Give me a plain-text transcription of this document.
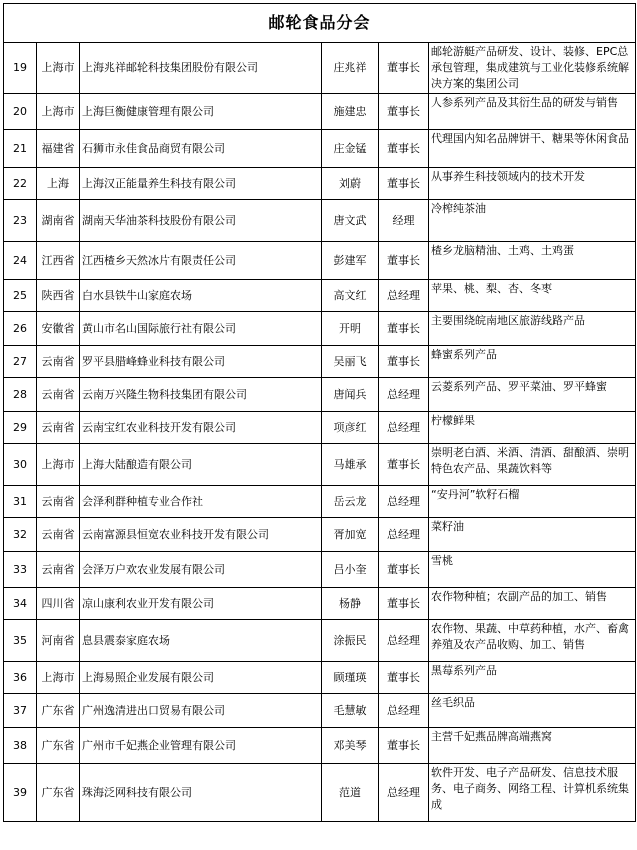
邮轮食品分会					
19	上海市	上海兆祥邮轮科技集团股份有限公司	庄兆祥	董事长	邮轮游艇产品研发、设计、装修、EPC总承包管理，集成建筑与工业化装修系统解决方案的集团公司
20	上海市	上海巨衡健康管理有限公司	施建忠	董事长	人参系列产品及其衍生品的研发与销售
21	福建省	石狮市永佳食品商贸有限公司	庄金锰	董事长	代理国内知名品牌饼干、糖果等休闲食品
22	上海	上海汉正能量养生科技有限公司	刘蔚	董事长	从事养生科技领域内的技术开发
23	湖南省	湖南天华油茶科技股份有限公司	唐文武	经理	冷榨纯茶油
24	江西省	江西楂乡天然冰片有限责任公司	彭建军	董事长	楂乡龙脑精油、土鸡、土鸡蛋
25	陕西省	白水县铁牛山家庭农场	高文红	总经理	苹果、桃、梨、杏、冬枣
26	安徽省	黄山市名山国际旅行社有限公司	开明	董事长	主要围绕皖南地区旅游线路产品
27	云南省	罗平县腊峰蜂业科技有限公司	吴丽飞	董事长	蜂蜜系列产品
28	云南省	云南万兴隆生物科技集团有限公司	唐闻兵	总经理	云菱系列产品、罗平菜油、罗平蜂蜜
29	云南省	云南宝红农业科技开发有限公司	项彦红	总经理	柠檬鲜果
30	上海市	上海大陆酿造有限公司	马雄承	董事长	崇明老白酒、米酒、清酒、甜酿酒、崇明特色农产品、果蔬饮料等
31	云南省	会泽利群种植专业合作社	岳云龙	总经理	“安丹河”软籽石榴
32	云南省	云南富源县恒宽农业科技开发有限公司	胥加宽	总经理	菜籽油
33	云南省	会泽万户欢农业发展有限公司	吕小奎	董事长	雪桃
34	四川省	凉山康利农业开发有限公司	杨静	董事长	农作物种植；农副产品的加工、销售
35	河南省	息县震泰家庭农场	涂振民	总经理	农作物、果蔬、中草药种植，水产、畜禽养殖及农产品收购、加工、销售
36	上海市	上海易照企业发展有限公司	顾瑾瑛	董事长	黑莓系列产品
37	广东省	广州逸清进出口贸易有限公司	毛慧敏	总经理	丝毛织品
38	广东省	广州市千妃燕企业管理有限公司	邓美琴	董事长	主营千妃燕品牌高端燕窝
39	广东省	珠海泛网科技有限公司	范道	总经理	软件开发、电子产品研发、信息技术服务、电子商务、网络工程、计算机系统集成
